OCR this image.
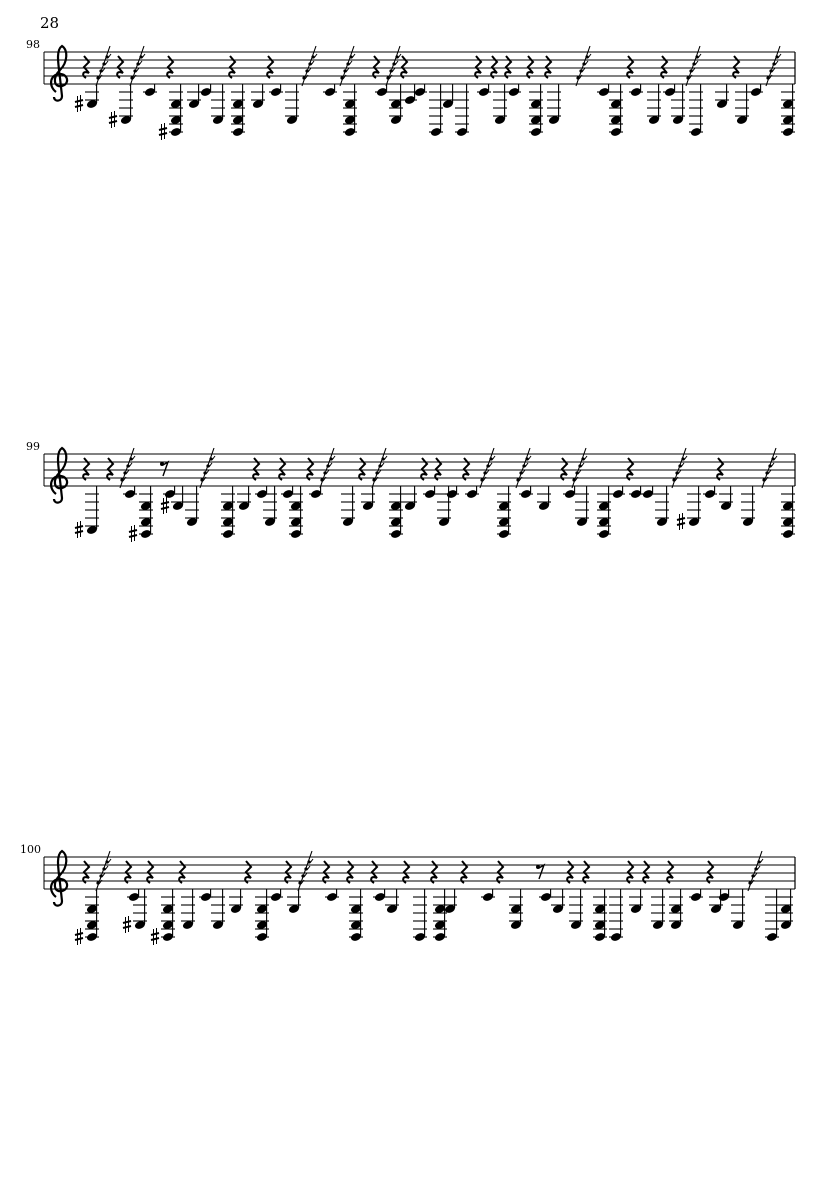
28
98
99
100
